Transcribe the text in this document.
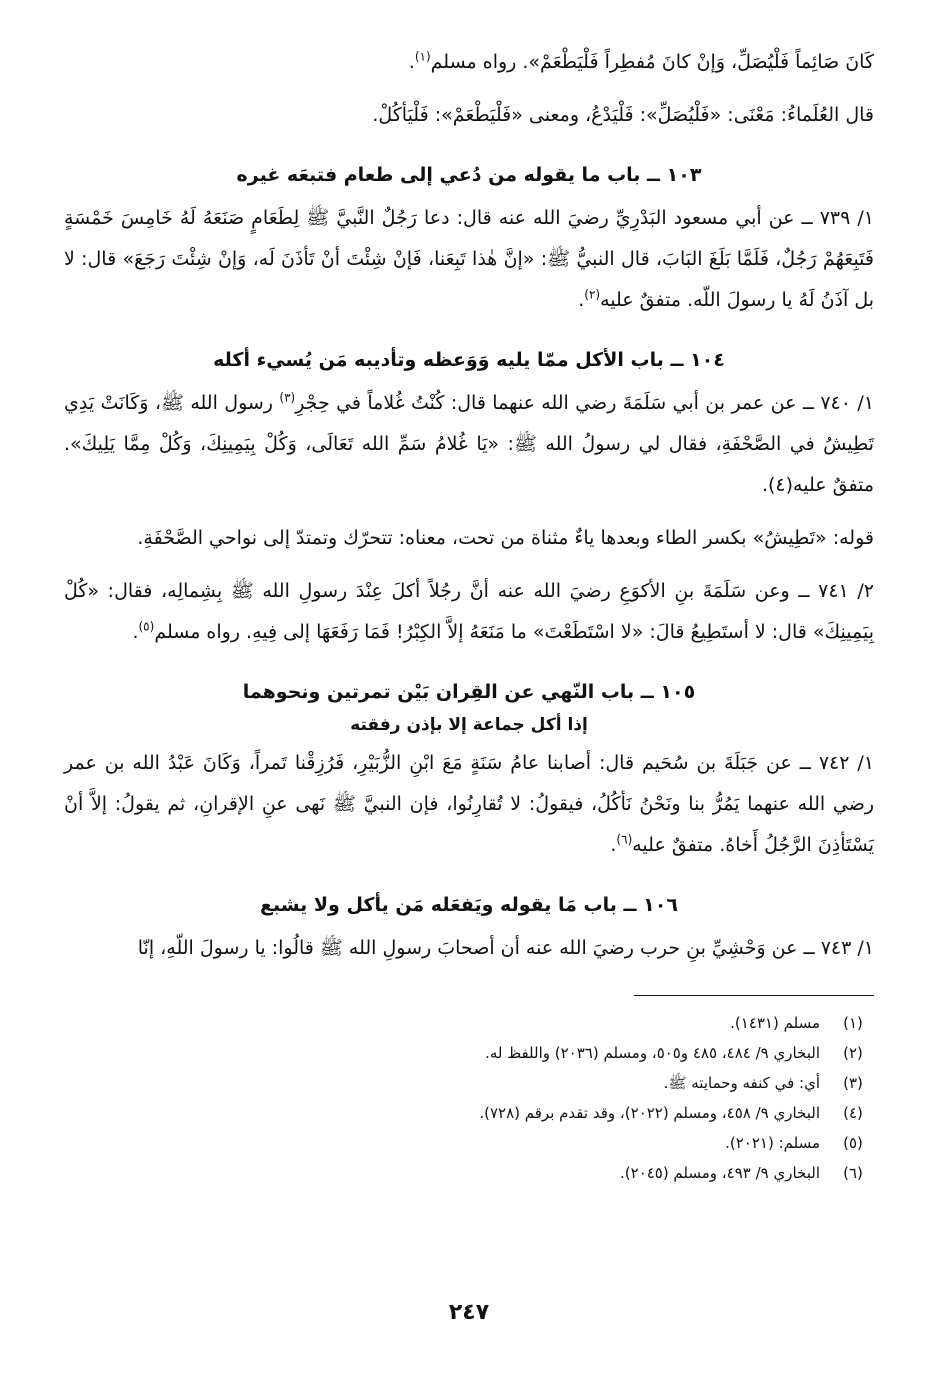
كَانَ صَائِماً فَلْيُصَلِّ، وَإنْ كانَ مُفطِراً فَلْيَطْعَمْ». رواه مسلم$^{(١)}$.

قال العُلَماءُ: مَعْنَى: «فَلْيُصَلِّ»: فَلْيَدْعُ، ومعنى «فَلْيَطْعَمْ»: فَلْيَأكُلْ.

١٠٣ ــ باب ما يقوله من دُعي إلى طعام فتبعَه غيره

١/ ٧٣٩ ــ عن أبي مسعود البَدْرِيِّ رضيَ الله عنه قال: دعا رَجُلٌ النَّبيَّ ﷺ لِطَعَامٍ صَنَعَهُ لَهُ خَامِسَ خَمْسَةٍ فَتَبِعَهُمْ رَجُلٌ، فَلَمَّا بَلَغَ البَابَ، قال النبيُّ ﷺ: «إنَّ هٰذا تَبِعَنا، فَإنْ شِئْتَ أنْ تَأذَنَ لَه، وَإنْ شِئْتَ رَجَعَ» قال: لا بل آذَنُ لَهُ يا رسولَ اللّه. متفقٌ عليه$^{(٢)}$.

١٠٤ ــ باب الأكل ممّا يليه وَوَعظه وتأديبه مَن يُسيء أكله

١/ ٧٤٠ ــ عن عمر بن أبي سَلَمَةَ رضي الله عنهما قال: كُنْتُ غُلاماً في حِجْرِ$^{(٣)}$ رسول الله ﷺ، وَكَانَتْ يَدِي تَطِيشُ في الصَّحْفَةِ، فقال لي رسولُ الله ﷺ: «يَا غُلامُ سَمِّ الله تَعَالَى، وَكُلْ بِيَمِينِكَ، وَكُلْ مِمَّا يَلِيكَ». متفقٌ عليه(٤).

قوله: «تَطِيشُ» بكسر الطاء وبعدها ياءٌ مثناة من تحت، معناه: تتحرّك وتمتدّ إلى نواحي الصَّحْفَةِ.

٢/ ٧٤١ ــ وعن سَلَمَةَ بنِ الأكوَعِ رضيَ الله عنه أنَّ رجُلاً أكلَ عِنْدَ رسولِ الله ﷺ بِشِمالِه، فقال: «كُلْ بِيَمِينِكَ» قال: لا أستَطِيعُ قالَ: «لا اسْتَطَعْتَ» ما مَنَعَهُ إلاَّ الكِبْرُ! فَمَا رَفَعَهَا إلى فِيهِ. رواه مسلم$^{(٥)}$.

١٠٥ ــ باب النّهي عن القِران بَيْن تمرتين ونحوهما
إذا أكل جماعة إلا بإذن رفقته

١/ ٧٤٢ ــ عن جَبَلَةَ بن سُحَيم قال: أصابنا عامُ سَنَةٍ مَعَ ابْنِ الزُّبَيْرِ، فَرُزِقْنا تَمراً، وَكَانَ عَبْدُ الله بن عمر رضي الله عنهما يَمُرُّ بنا ونَحْنُ نَأكُلُ، فيقولُ: لا تُقارِنُوا، فإن النبيَّ ﷺ نَهى عنِ الإقرانِ، ثم يقولُ: إلاَّ أنْ يَسْتَأذِنَ الرَّجُلُ أَخاهُ. متفقٌ عليه$^{(٦)}$.

١٠٦ ــ باب مَا يقوله ويَفعَله مَن يأكل ولا يشبع

١/ ٧٤٣ ــ عن وَحْشِيِّ بنِ حرب رضيَ الله عنه أن أصحابَ رسولِ الله ﷺ قالُوا: يا رسولَ اللّهِ، إنّا

(١)
مسلم (١٤٣١).
(٢)
البخاري ٩/ ٤٨٤، ٤٨٥ و٥٠٥، ومسلم (٢٠٣٦) واللفظ له.
(٣)
أي: في كنفه وحمايته ﷺ.
(٤)
البخاري ٩/ ٤٥٨، ومسلم (٢٠٢٢)، وقد تقدم برقم (٧٢٨).
(٥)
مسلم: (٢٠٢١).
(٦)
البخاري ٩/ ٤٩٣، ومسلم (٢٠٤٥).
٢٤٧
